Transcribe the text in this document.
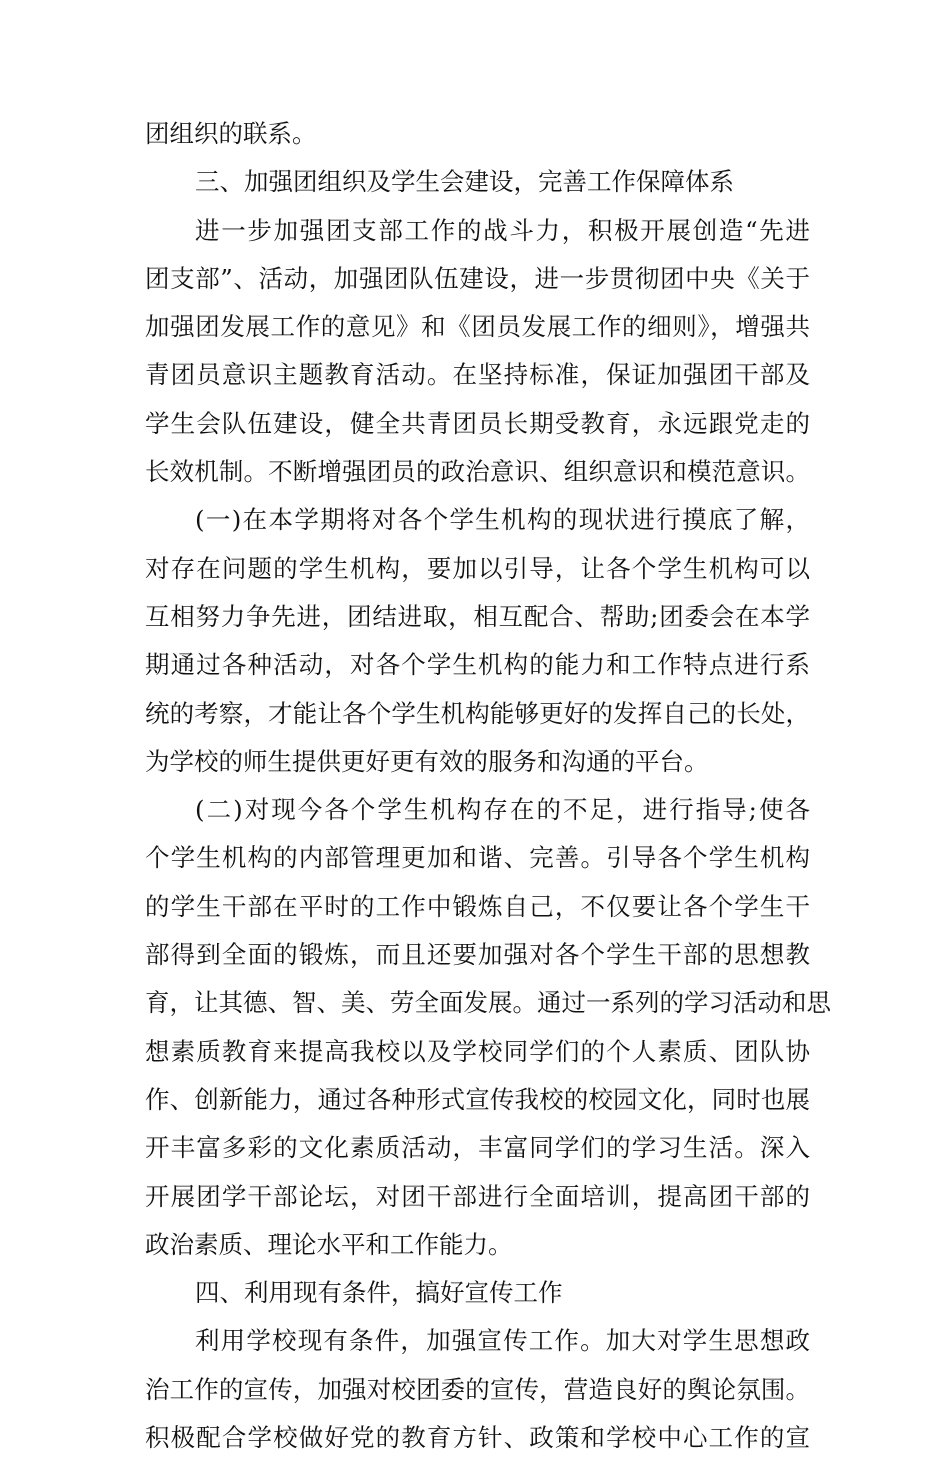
团组织的联系。
三、加强团组织及学生会建设，完善工作保障体系
进一步加强团支部工作的战斗力，积极开展创造“先进
团支部”、活动，加强团队伍建设，进一步贯彻团中央《关于
加强团发展工作的意见》和《团员发展工作的细则》，增强共
青团员意识主题教育活动。在坚持标准，保证加强团干部及
学生会队伍建设，健全共青团员长期受教育，永远跟党走的
长效机制。不断增强团员的政治意识、组织意识和模范意识。
(一)在本学期将对各个学生机构的现状进行摸底了解，
对存在问题的学生机构，要加以引导，让各个学生机构可以
互相努力争先进，团结进取，相互配合、帮助;团委会在本学
期通过各种活动，对各个学生机构的能力和工作特点进行系
统的考察，才能让各个学生机构能够更好的发挥自己的长处，
为学校的师生提供更好更有效的服务和沟通的平台。
(二)对现今各个学生机构存在的不足，进行指导;使各
个学生机构的内部管理更加和谐、完善。引导各个学生机构
的学生干部在平时的工作中锻炼自己，不仅要让各个学生干
部得到全面的锻炼，而且还要加强对各个学生干部的思想教
育，让其德、智、美、劳全面发展。通过一系列的学习活动和思
想素质教育来提高我校以及学校同学们的个人素质、团队协
作、创新能力，通过各种形式宣传我校的校园文化，同时也展
开丰富多彩的文化素质活动，丰富同学们的学习生活。深入
开展团学干部论坛，对团干部进行全面培训，提高团干部的
政治素质、理论水平和工作能力。
四、利用现有条件，搞好宣传工作
利用学校现有条件，加强宣传工作。加大对学生思想政
治工作的宣传，加强对校团委的宣传，营造良好的舆论氛围。
积极配合学校做好党的教育方针、政策和学校中心工作的宣
